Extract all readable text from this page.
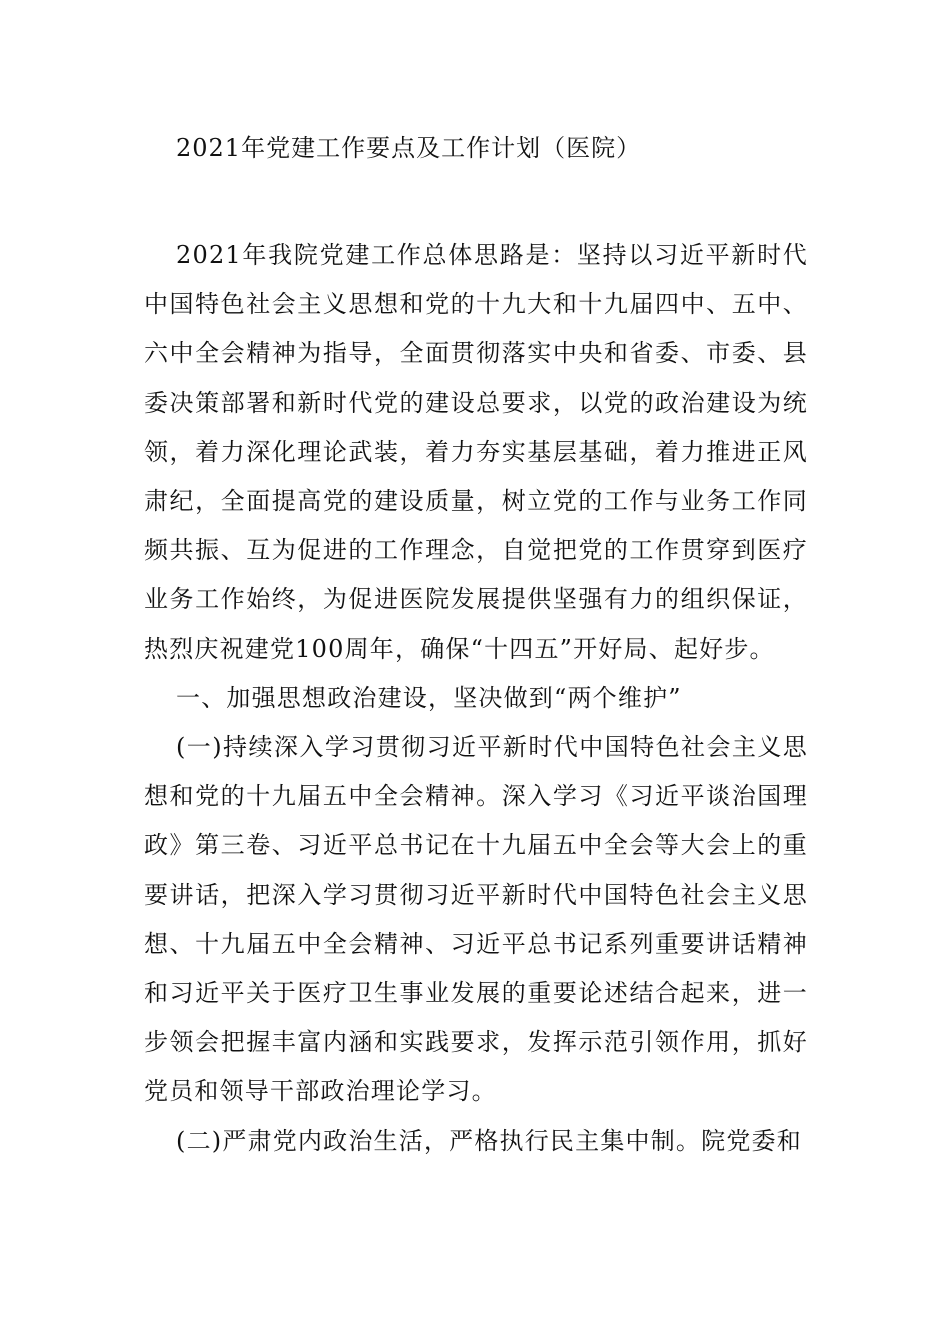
2021年党建工作要点及工作计划（医院）

2021年我院党建工作总体思路是：坚持以习近平新时代中国特色社会主义思想和党的十九大和十九届四中、五中、六中全会精神为指导，全面贯彻落实中央和省委、市委、县委决策部署和新时代党的建设总要求，以党的政治建设为统领，着力深化理论武装，着力夯实基层基础，着力推进正风肃纪，全面提高党的建设质量，树立党的工作与业务工作同频共振、互为促进的工作理念，自觉把党的工作贯穿到医疗业务工作始终，为促进医院发展提供坚强有力的组织保证，热烈庆祝建党100周年，确保“十四五”开好局、起好步。

一、加强思想政治建设，坚决做到“两个维护”

(一)持续深入学习贯彻习近平新时代中国特色社会主义思想和党的十九届五中全会精神。深入学习《习近平谈治国理政》第三卷、习近平总书记在十九届五中全会等大会上的重要讲话，把深入学习贯彻习近平新时代中国特色社会主义思想、十九届五中全会精神、习近平总书记系列重要讲话精神和习近平关于医疗卫生事业发展的重要论述结合起来，进一步领会把握丰富内涵和实践要求，发挥示范引领作用，抓好党员和领导干部政治理论学习。

(二)严肃党内政治生活，严格执行民主集中制。院党委和
